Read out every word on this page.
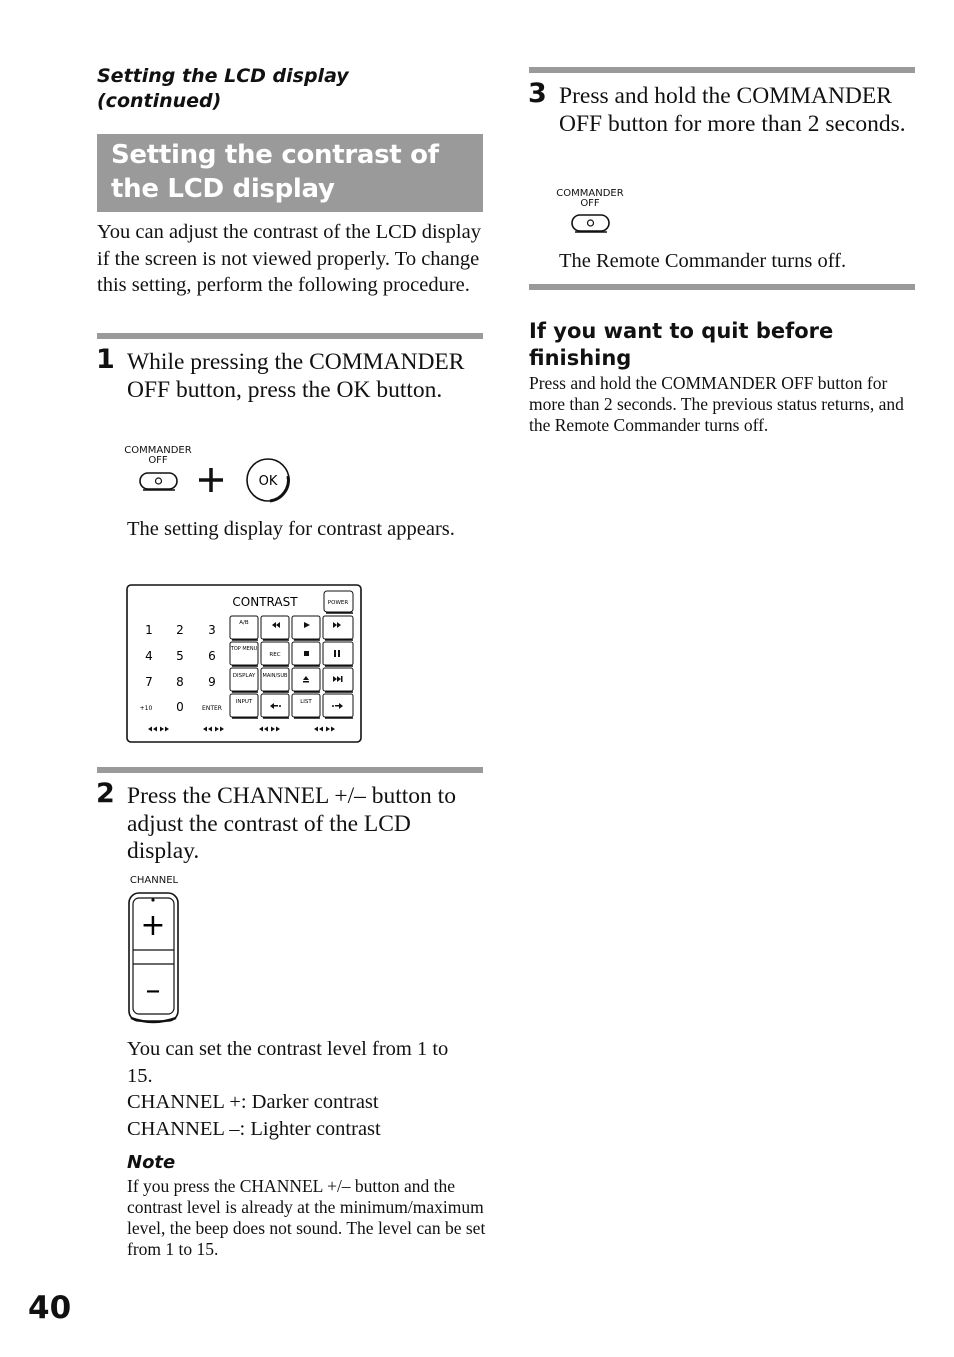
Setting the LCD display (continued)
Setting the contrast of the LCD display
You can adjust the contrast of the LCD display if the screen is not viewed properly. To change this setting, perform the following procedure.
1 While pressing the COMMANDER OFF button, press the OK button.
COMMANDER
OFF
OK
The setting display for contrast appears.
CONTRAST	POWER
1 2 3
4 5 6
7 8 9
0
+10	ENTER
A/B
TOP MENU
REC
DISPLAY MAIN/SUB
INPUT	LIST
2 Press the CHANNEL +/– button to adjust the contrast of the LCD display.
CHANNEL
+
–
You can set the contrast level from 1 to 15.
CHANNEL +: Darker contrast
CHANNEL –: Lighter contrast
Note
If you press the CHANNEL +/– button and the contrast level is already at the minimum/maximum level, the beep does not sound. The level can be set from 1 to 15.
3 Press and hold the COMMANDER OFF button for more than 2 seconds.
COMMANDER
OFF
The Remote Commander turns off.
If you want to quit before finishing
Press and hold the COMMANDER OFF button for more than 2 seconds. The previous status returns, and the Remote Commander turns off.
40
